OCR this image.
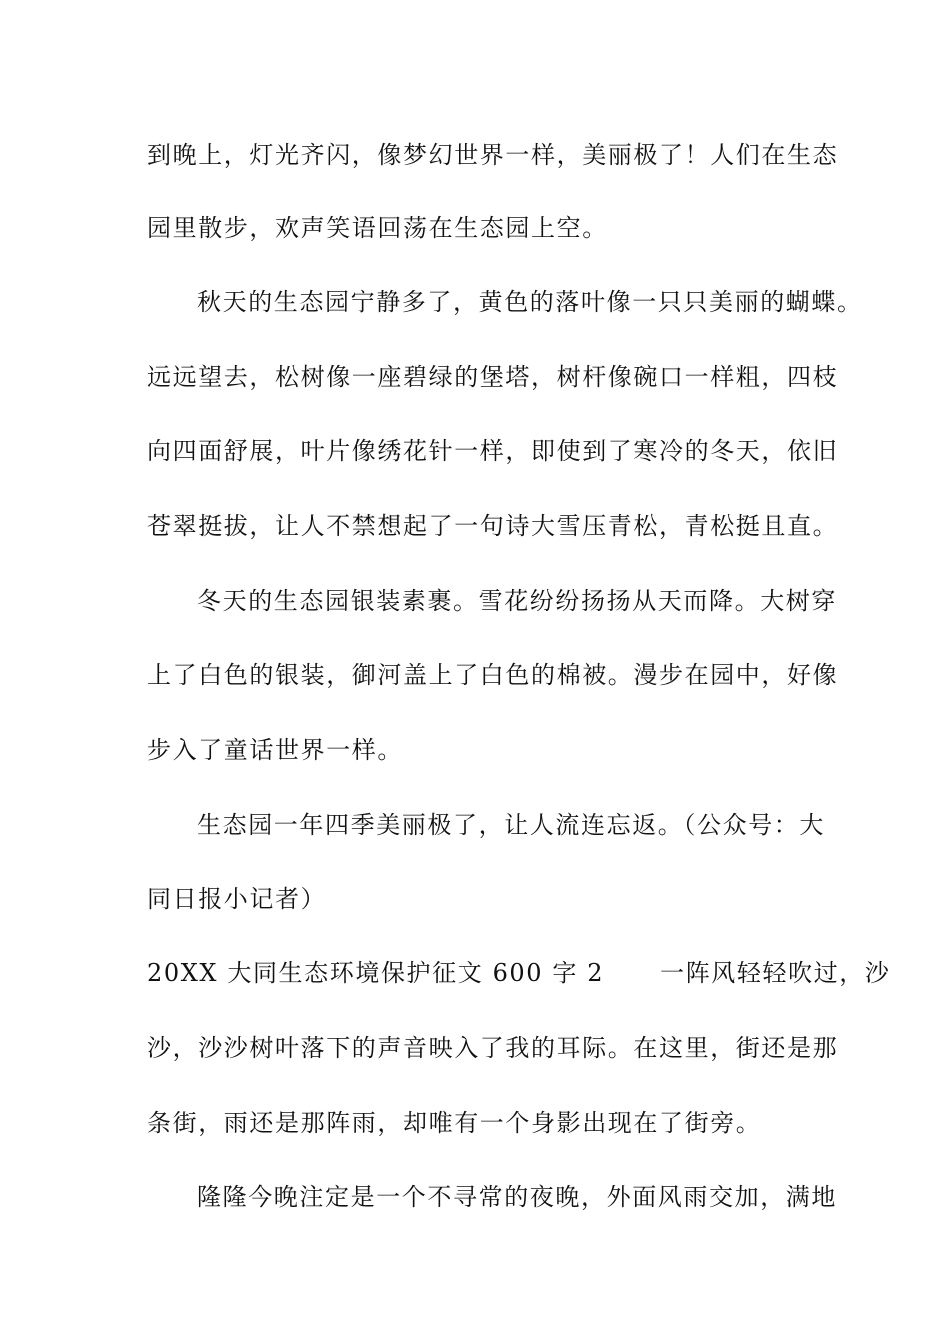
到晚上，灯光齐闪，像梦幻世界一样，美丽极了！人们在生态
园里散步，欢声笑语回荡在生态园上空。
秋天的生态园宁静多了，黄色的落叶像一只只美丽的蝴蝶。
远远望去，松树像一座碧绿的堡塔，树杆像碗口一样粗，四枝
向四面舒展，叶片像绣花针一样，即使到了寒冷的冬天，依旧
苍翠挺拔，让人不禁想起了一句诗大雪压青松，青松挺且直。
冬天的生态园银装素裹。雪花纷纷扬扬从天而降。大树穿
上了白色的银装，御河盖上了白色的棉被。漫步在园中，好像
步入了童话世界一样。
生态园一年四季美丽极了，让人流连忘返。（公众号：大
同日报小记者）
20XX 大同生态环境保护征文 600 字 2 一阵风轻轻吹过，沙
沙，沙沙树叶落下的声音映入了我的耳际。在这里，街还是那
条街，雨还是那阵雨，却唯有一个身影出现在了街旁。
隆隆今晚注定是一个不寻常的夜晚，外面风雨交加，满地
